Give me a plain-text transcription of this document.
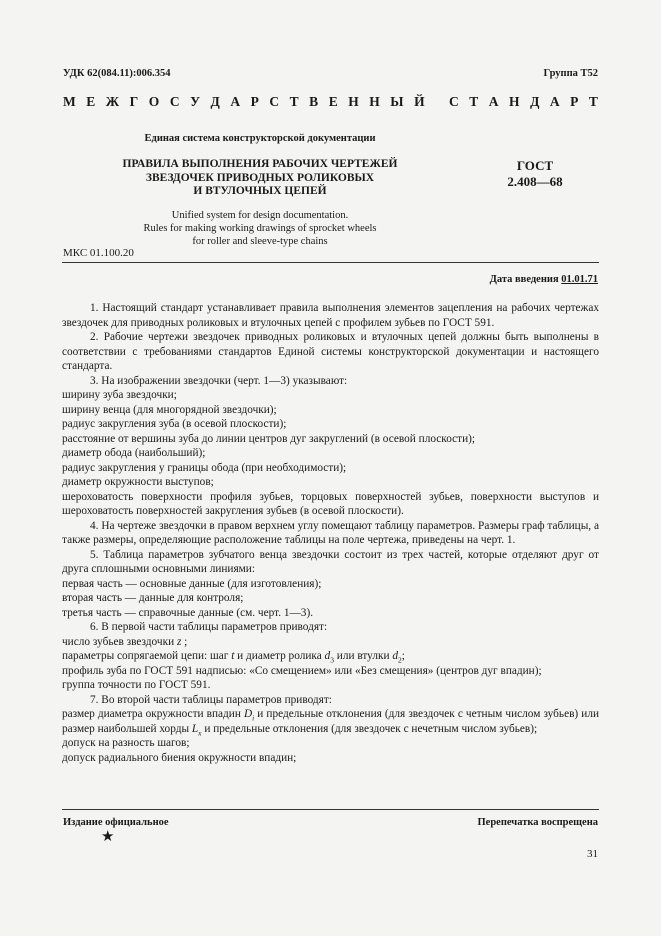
УДК 62(084.11):006.354	Группа Т52
М Е Ж Г О С У Д А Р С Т В Е Н Н Ы Й
С Т А Н Д А Р Т
Единая система конструкторской документации
ПРАВИЛА ВЫПОЛНЕНИЯ РАБОЧИХ ЧЕРТЕЖЕЙ
ЗВЕЗДОЧЕК ПРИВОДНЫХ РОЛИКОВЫХ
И ВТУЛОЧНЫХ ЦЕПЕЙ
ГОСТ
2.408—68
Unified system for design documentation.
Rules for making working drawings of sprocket wheels
for roller and sleeve-type chains
МКС 01.100.20
Дата введения 01.01.71

1. Настоящий стандарт устанавливает правила выполнения элементов зацепления на рабочих чертежах звездочек для приводных роликовых и втулочных цепей с профилем зубьев по ГОСТ 591.

2. Рабочие чертежи звездочек приводных роликовых и втулочных цепей должны быть выполнены в соответствии с требованиями стандартов Единой системы конструкторской документации и настоящего стандарта.

3. На изображении звездочки (черт. 1—3) указывают:

ширину зуба звездочки;

ширину венца (для многорядной звездочки);

радиус закругления зуба (в осевой плоскости);

расстояние от вершины зуба до линии центров дуг закруглений (в осевой плоскости);

диаметр обода (наибольший);

радиус закругления у границы обода (при необходимости);

диаметр окружности выступов;

шероховатость поверхности профиля зубьев, торцовых поверхностей зубьев, поверхности выступов и шероховатость поверхностей закругления зубьев (в осевой плоскости).

4. На чертеже звездочки в правом верхнем углу помещают таблицу параметров. Размеры граф таблицы, а также размеры, определяющие расположение таблицы на поле чертежа, приведены на черт. 1.

5. Таблица параметров зубчатого венца звездочки состоит из трех частей, которые отделяют друг от друга сплошными основными линиями:

первая часть — основные данные (для изготовления);

вторая часть — данные для контроля;

третья часть — справочные данные (см. черт. 1—3).

6. В первой части таблицы параметров приводят:

число зубьев звездочки z ;

параметры сопрягаемой цепи: шаг t и диаметр ролика $d_3$ или втулки $d_2$;

профиль зуба по ГОСТ 591 надписью: «Со смещением» или «Без смещения» (центров дуг впадин);

группа точности по ГОСТ 591.

7. Во второй части таблицы параметров приводят:

размер диаметра окружности впадин $D_i$ и предельные отклонения (для звездочек с четным числом зубьев) или размер наибольшей хорды $L_x$ и предельные отклонения (для звездочек с нечетным числом зубьев);

допуск на разность шагов;

допуск радиального биения окружности впадин;

Издание официальное	Перепечатка воспрещена
★
31
